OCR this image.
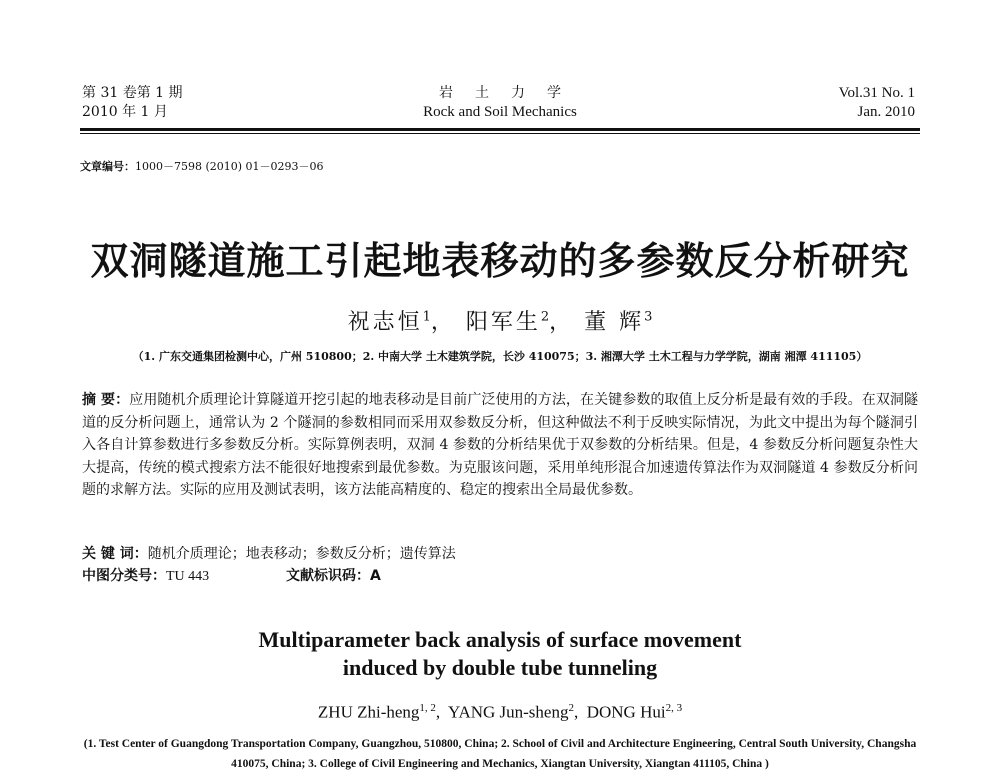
第 31 卷第 1 期
2010 年 1 月
岩土力学
Rock and Soil Mechanics
Vol.31 No. 1
Jan. 2010
文章编号：1000－7598 (2010) 01－0293－06
双洞隧道施工引起地表移动的多参数反分析研究
祝志恒$^1$， 阳军生$^2$， 董 辉$^3$
（1. 广东交通集团检测中心，广州 510800；2. 中南大学 土木建筑学院，长沙 410075；3. 湘潭大学 土木工程与力学学院，湖南 湘潭 411105）
摘 要：应用随机介质理论计算隧道开挖引起的地表移动是目前广泛使用的方法，在关键参数的取值上反分析是最有效的手段。在双洞隧道的反分析问题上，通常认为 2 个隧洞的参数相同而采用双参数反分析，但这种做法不利于反映实际情况，为此文中提出为每个隧洞引入各自计算参数进行多参数反分析。实际算例表明，双洞 4 参数的分析结果优于双参数的分析结果。但是，4 参数反分析问题复杂性大大提高，传统的模式搜索方法不能很好地搜索到最优参数。为克服该问题，采用单纯形混合加速遗传算法作为双洞隧道 4 参数反分析问题的求解方法。实际的应用及测试表明，该方法能高精度的、稳定的搜索出全局最优参数。
关 键 词：随机介质理论；地表移动；参数反分析；遗传算法
中图分类号：TU 443	文献标识码：A
Multiparameter back analysis of surface movement
induced by double tube tunneling
ZHU Zhi-heng$^{1, 2}$,  YANG Jun-sheng$^2$,  DONG Hui$^{2, 3}$
(1. Test Center of Guangdong Transportation Company, Guangzhou, 510800, China; 2. School of Civil and Architecture Engineering, Central South University, Changsha 410075, China; 3. College of Civil Engineering and Mechanics, Xiangtan University, Xiangtan 411105, China )
